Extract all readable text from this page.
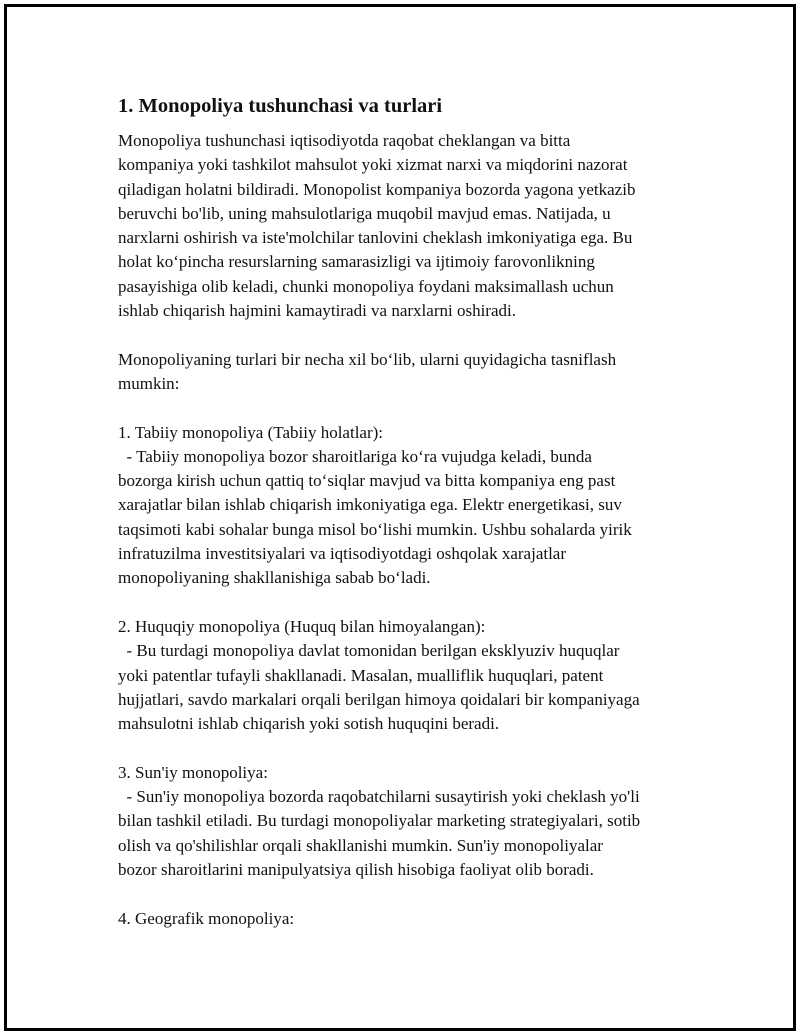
1. Monopoliya tushunchasi va turlari
Monopoliya tushunchasi iqtisodiyotda raqobat cheklangan va bitta
kompaniya yoki tashkilot mahsulot yoki xizmat narxi va miqdorini nazorat
qiladigan holatni bildiradi. Monopolist kompaniya bozorda yagona yetkazib
beruvchi bo'lib, uning mahsulotlariga muqobil mavjud emas. Natijada, u
narxlarni oshirish va iste'molchilar tanlovini cheklash imkoniyatiga ega. Bu
holat ko‘pincha resurslarning samarasizligi va ijtimoiy farovonlikning
pasayishiga olib keladi, chunki monopoliya foydani maksimallash uchun
ishlab chiqarish hajmini kamaytiradi va narxlarni oshiradi.
Monopoliyaning turlari bir necha xil bo‘lib, ularni quyidagicha tasniflash
mumkin:
1. Tabiiy monopoliya (Tabiiy holatlar):
- Tabiiy monopoliya bozor sharoitlariga ko‘ra vujudga keladi, bunda
bozorga kirish uchun qattiq to‘siqlar mavjud va bitta kompaniya eng past
xarajatlar bilan ishlab chiqarish imkoniyatiga ega. Elektr energetikasi, suv
taqsimoti kabi sohalar bunga misol bo‘lishi mumkin. Ushbu sohalarda yirik
infratuzilma investitsiyalari va iqtisodiyotdagi oshqolak xarajatlar
monopoliyaning shakllanishiga sabab bo‘ladi.
2. Huquqiy monopoliya (Huquq bilan himoyalangan):
- Bu turdagi monopoliya davlat tomonidan berilgan eksklyuziv huquqlar
yoki patentlar tufayli shakllanadi. Masalan, mualliflik huquqlari, patent
hujjatlari, savdo markalari orqali berilgan himoya qoidalari bir kompaniyaga
mahsulotni ishlab chiqarish yoki sotish huquqini beradi.
3. Sun'iy monopoliya:
- Sun'iy monopoliya bozorda raqobatchilarni susaytirish yoki cheklash yo'li
bilan tashkil etiladi. Bu turdagi monopoliyalar marketing strategiyalari, sotib
olish va qo'shilishlar orqali shakllanishi mumkin. Sun'iy monopoliyalar
bozor sharoitlarini manipulyatsiya qilish hisobiga faoliyat olib boradi.
4. Geografik monopoliya:
